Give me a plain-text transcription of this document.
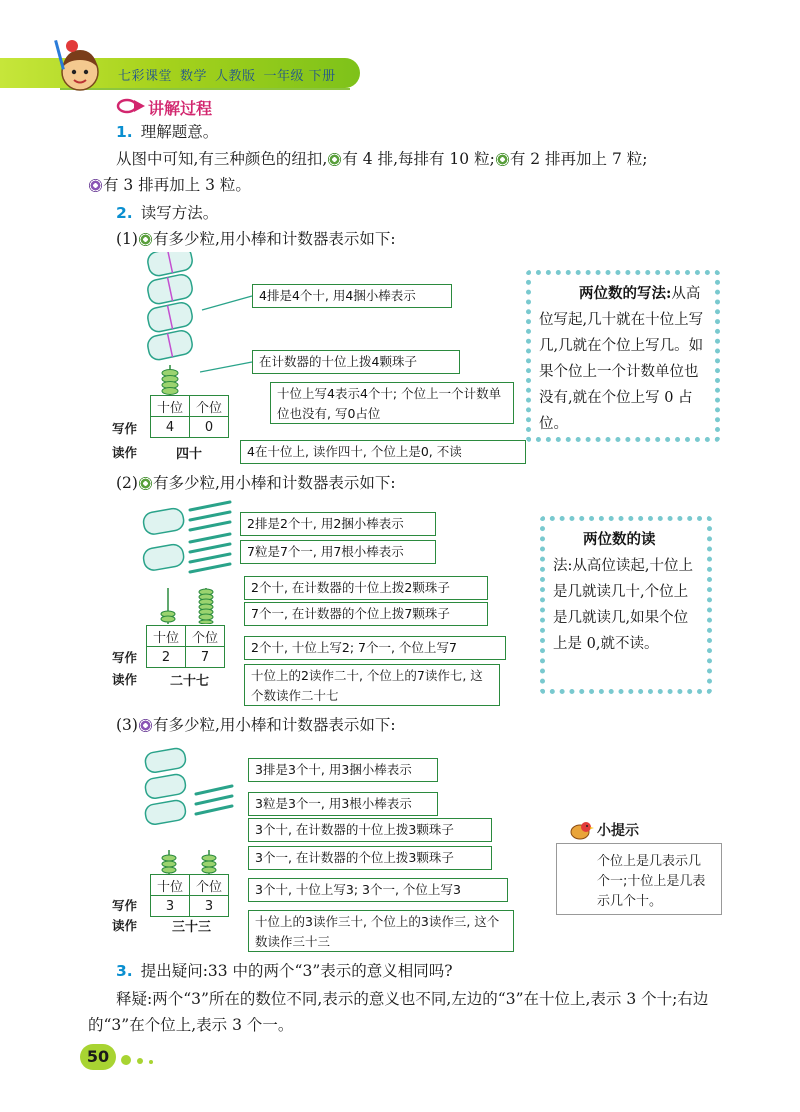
七彩课堂 数学 人教版 一年级 下册
讲解过程
1. 理解题意。
从图中可知,有三种颜色的纽扣, 有 4 排,每排有 10 粒; 有 2 排再加上 7 粒;
有 3 排再加上 3 粒。
2. 读写方法。
(1) 有多少粒,用小棒和计数器表示如下:
十位	个位
4	0
写作
读作	四十
4排是4个十, 用4捆小棒表示
在计数器的十位上拨4颗珠子
十位上写4表示4个十; 个位上一个计数单位也没有, 写0占位
4在十位上, 读作四十, 个位上是0, 不读
两位数的写法:从高位写起,几十就在十位上写几,几就在个位上写几。如果个位上一个计数单位也没有,就在个位上写 0 占位。
(2) 有多少粒,用小棒和计数器表示如下:
十位	个位
2	7
写作
读作	二十七
2排是2个十, 用2捆小棒表示
7粒是7个一, 用7根小棒表示
2个十, 在计数器的十位上拨2颗珠子
7个一, 在计数器的个位上拨7颗珠子
2个十, 十位上写2; 7个一, 个位上写7
十位上的2读作二十, 个位上的7读作七, 这个数读作二十七
两位数的读
法:从高位读起,十位上是几就读几十,个位上是几就读几,如果个位上是 0,就不读。
(3) 有多少粒,用小棒和计数器表示如下:
十位	个位
3	3
写作
读作	三十三
3排是3个十, 用3捆小棒表示
3粒是3个一, 用3根小棒表示
3个十, 在计数器的十位上拨3颗珠子
3个一, 在计数器的个位上拨3颗珠子
3个十, 十位上写3; 3个一, 个位上写3
十位上的3读作三十, 个位上的3读作三, 这个数读作三十三
小提示
个位上是几表示几个一;十位上是几表示几个十。
3. 提出疑问:33 中的两个“3”表示的意义相同吗?
释疑:两个“3”所在的数位不同,表示的意义也不同,左边的“3”在十位上,表示 3 个十;右边的“3”在个位上,表示 3 个一。
50
